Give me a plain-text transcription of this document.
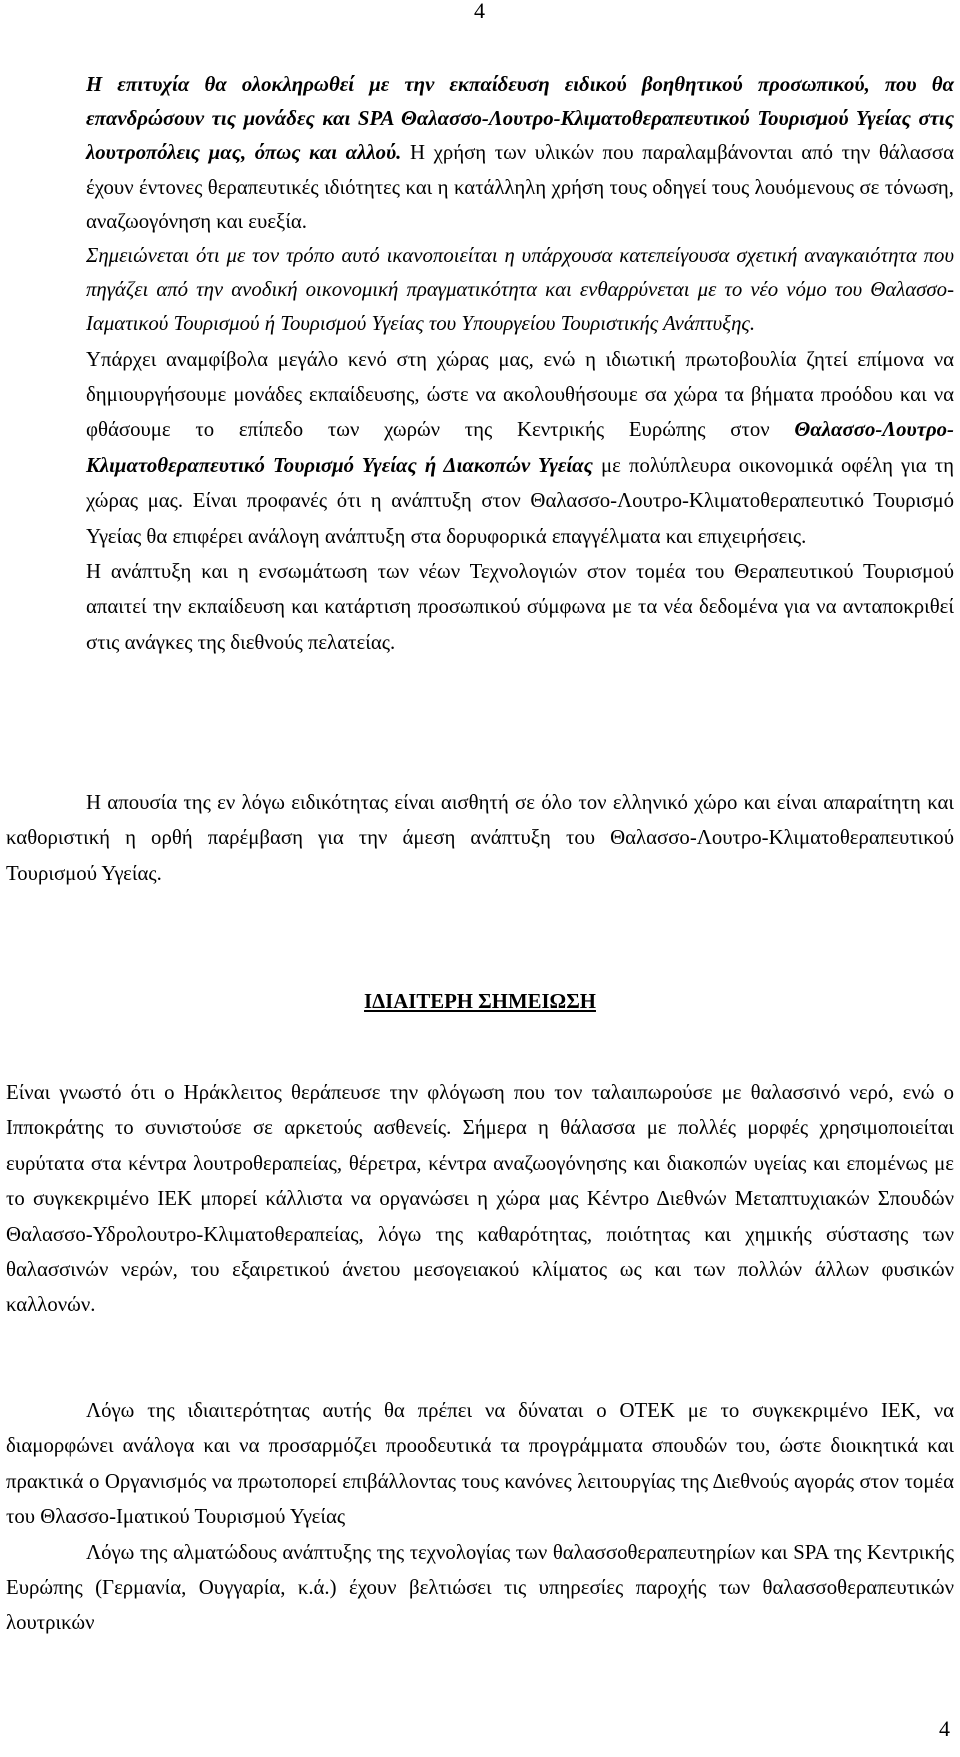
4

Η επιτυχία θα ολοκληρωθεί με την εκπαίδευση ειδικού βοηθητικού προσωπικού, που θα επανδρώσουν τις μονάδες και SPA Θαλασσο-Λουτρο-Κλιματοθεραπευτικού Τουρισμού Υγείας στις λουτροπόλεις μας, όπως και αλλού. Η χρήση των υλικών που παραλαμβάνονται από την θάλασσα έχουν έντονες θεραπευτικές ιδιότητες και η κατάλληλη χρήση τους οδηγεί τους λουόμενους σε τόνωση, αναζωογόνηση και ευεξία.

Σημειώνεται ότι με τον τρόπο αυτό ικανοποιείται η υπάρχουσα κατεπείγουσα σχετική αναγκαιότητα που πηγάζει από την ανοδική οικονομική πραγματικότητα και ενθαρρύνεται με το νέο νόμο του Θαλασσο-Ιαματικού Τουρισμού ή Τουρισμού Υγείας του Υπουργείου Τουριστικής Ανάπτυξης.

Υπάρχει αναμφίβολα μεγάλο κενό στη χώρας μας, ενώ η ιδιωτική πρωτοβουλία ζητεί επίμονα να δημιουργήσουμε μονάδες εκπαίδευσης, ώστε να ακολουθήσουμε σα χώρα τα βήματα προόδου και να φθάσουμε το επίπεδο των χωρών της Κεντρικής Ευρώπης στον Θαλασσο-Λουτρο-Κλιματοθεραπευτικό Τουρισμό Υγείας ή Διακοπών Υγείας με πολύπλευρα οικονομικά οφέλη για τη χώρας μας. Είναι προφανές ότι η ανάπτυξη στον Θαλασσο-Λουτρο-Κλιματοθεραπευτικό Τουρισμό Υγείας θα επιφέρει ανάλογη ανάπτυξη στα δορυφορικά επαγγέλματα και επιχειρήσεις.

Η ανάπτυξη και η ενσωμάτωση των νέων Τεχνολογιών στον τομέα του Θεραπευτικού Τουρισμού απαιτεί την εκπαίδευση και κατάρτιση προσωπικού σύμφωνα με τα νέα δεδομένα για να ανταποκριθεί στις ανάγκες της διεθνούς πελατείας.

Η απουσία της εν λόγω ειδικότητας είναι αισθητή σε όλο τον ελληνικό χώρο και είναι απαραίτητη και καθοριστική η ορθή παρέμβαση για την άμεση ανάπτυξη του Θαλασσο-Λουτρο-Κλιματοθεραπευτικού Τουρισμού Υγείας.

ΙΔΙΑΙΤΕΡΗ ΣΗΜΕΙΩΣΗ

Είναι γνωστό ότι ο Ηράκλειτος θεράπευσε την φλόγωση που τον ταλαιπωρούσε με θαλασσινό νερό, ενώ ο Ιπποκράτης το συνιστούσε σε αρκετούς ασθενείς. Σήμερα η θάλασσα με πολλές μορφές χρησιμοποιείται ευρύτατα στα κέντρα λουτροθεραπείας, θέρετρα, κέντρα αναζωογόνησης και διακοπών υγείας και επομένως με το συγκεκριμένο ΙΕΚ μπορεί κάλλιστα να οργανώσει η χώρα μας Κέντρο Διεθνών Μεταπτυχιακών Σπουδών Θαλασσο-Υδρολουτρο-Κλιματοθεραπείας, λόγω της καθαρότητας, ποιότητας και χημικής σύστασης των θαλασσινών νερών, του εξαιρετικού άνετου μεσογειακού κλίματος ως και των πολλών άλλων φυσικών καλλονών.

Λόγω της ιδιαιτερότητας αυτής θα πρέπει να δύναται ο ΟΤΕΚ με το συγκεκριμένο ΙΕΚ, να διαμορφώνει ανάλογα και να προσαρμόζει προοδευτικά τα προγράμματα σπουδών του, ώστε διοικητικά και πρακτικά ο Οργανισμός να πρωτοπορεί επιβάλλοντας τους κανόνες λειτουργίας της Διεθνούς αγοράς στον τομέα του Θλασσο-Ιματικού Τουρισμού Υγείας

Λόγω της αλματώδους ανάπτυξης της τεχνολογίας των θαλασσοθεραπευτηρίων και SPA της Κεντρικής Ευρώπης (Γερμανία, Ουγγαρία, κ.ά.) έχουν βελτιώσει τις υπηρεσίες παροχής των θαλασσοθεραπευτικών λουτρικών

4
